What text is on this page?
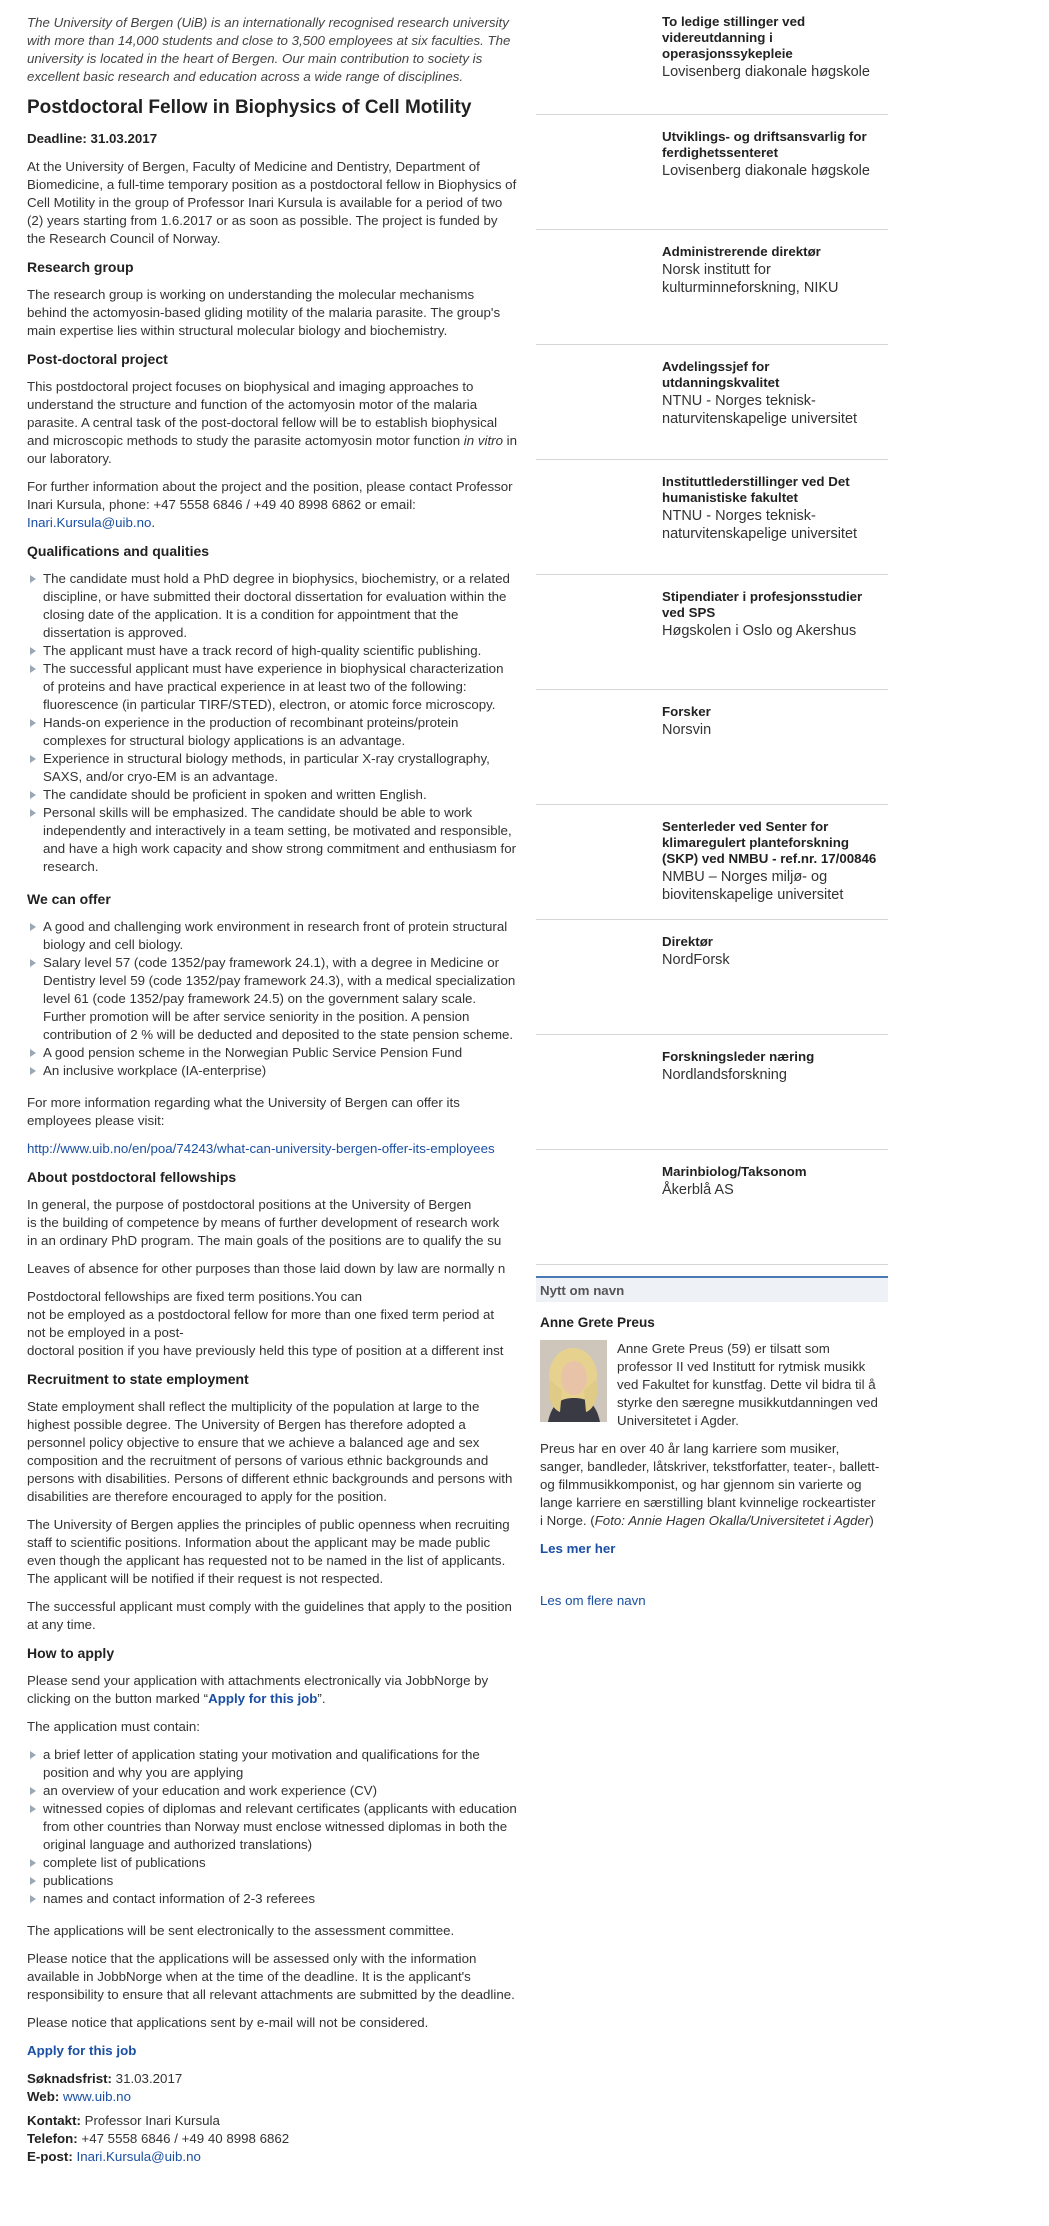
The University of Bergen (UiB) is an internationally recognised research university with more than 14,000 students and close to 3,500 employees at six faculties. The university is located in the heart of Bergen. Our main contribution to society is excellent basic research and education across a wide range of disciplines.

Postdoctoral Fellow in Biophysics of Cell Motility

Deadline: 31.03.2017

At the University of Bergen, Faculty of Medicine and Dentistry, Department of Biomedicine, a full-time temporary position as a postdoctoral fellow in Biophysics of Cell Motility in the group of Professor Inari Kursula is available for a period of two (2) years starting from 1.6.2017 or as soon as possible. The project is funded by the Research Council of Norway.

Research group

The research group is working on understanding the molecular mechanisms behind the actomyosin-based gliding motility of the malaria parasite. The group's main expertise lies within structural molecular biology and biochemistry.

Post-doctoral project

This postdoctoral project focuses on biophysical and imaging approaches to understand the structure and function of the actomyosin motor of the malaria parasite. A central task of the post-doctoral fellow will be to establish biophysical and microscopic methods to study the parasite actomyosin motor function in vitro in our laboratory.

For further information about the project and the position, please contact Professor Inari Kursula, phone: +47 5558 6846 / +49 40 8998 6862 or email: Inari.Kursula@uib.no.

Qualifications and qualities
The candidate must hold a PhD degree in biophysics, biochemistry, or a related discipline, or have submitted their doctoral dissertation for evaluation within the closing date of the application. It is a condition for appointment that the dissertation is approved.
The applicant must have a track record of high-quality scientific publishing.
The successful applicant must have experience in biophysical characterization of proteins and have practical experience in at least two of the following: fluorescence (in particular TIRF/STED), electron, or atomic force microscopy.
Hands-on experience in the production of recombinant proteins/protein complexes for structural biology applications is an advantage.
Experience in structural biology methods, in particular X-ray crystallography, SAXS, and/or cryo-EM is an advantage.
The candidate should be proficient in spoken and written English.
Personal skills will be emphasized. The candidate should be able to work independently and interactively in a team setting, be motivated and responsible, and have a high work capacity and show strong commitment and enthusiasm for research.
We can offer
A good and challenging work environment in research front of protein structural biology and cell biology.
Salary level 57 (code 1352/pay framework 24.1), with a degree in Medicine or Dentistry level 59 (code 1352/pay framework 24.3), with a medical specialization level 61 (code 1352/pay framework 24.5) on the government salary scale. Further promotion will be after service seniority in the position. A pension contribution of 2 % will be deducted and deposited to the state pension scheme.
A good pension scheme in the Norwegian Public Service Pension Fund
An inclusive workplace (IA-enterprise)

For more information regarding what the University of Bergen can offer its employees please visit:

http://www.uib.no/en/poa/74243/what-can-university-bergen-offer-its-employees

About postdoctoral fellowships
In general, the purpose of postdoctoral positions at the University of Bergen
is the building of competence by means of further development of research work
in an ordinary PhD program. The main goals of the positions are to qualify the su
Leaves of absence for other purposes than those laid down by law are normally n
Postdoctoral fellowships are fixed term positions.You can
not be employed as a postdoctoral fellow for more than one fixed term period at
not be employed in a post-
doctoral position if you have previously held this type of position at a different inst
Recruitment to state employment

State employment shall reflect the multiplicity of the population at large to the highest possible degree. The University of Bergen has therefore adopted a personnel policy objective to ensure that we achieve a balanced age and sex composition and the recruitment of persons of various ethnic backgrounds and persons with disabilities. Persons of different ethnic backgrounds and persons with disabilities are therefore encouraged to apply for the position.

The University of Bergen applies the principles of public openness when recruiting staff to scientific positions. Information about the applicant may be made public even though the applicant has requested not to be named in the list of applicants. The applicant will be notified if their request is not respected.

The successful applicant must comply with the guidelines that apply to the position at any time.

How to apply

Please send your application with attachments electronically via JobbNorge by clicking on the button marked “Apply for this job”.

The application must contain:

a brief letter of application stating your motivation and qualifications for the position and why you are applying
an overview of your education and work experience (CV)
witnessed copies of diplomas and relevant certificates (applicants with education from other countries than Norway must enclose witnessed diplomas in both the original language and authorized translations)
complete list of publications
publications
names and contact information of 2-3 referees

The applications will be sent electronically to the assessment committee.

Please notice that the applications will be assessed only with the information available in JobbNorge when at the time of the deadline. It is the applicant's responsibility to ensure that all relevant attachments are submitted by the deadline.

Please notice that applications sent by e-mail will not be considered.

Apply for this job

Søknadsfrist: 31.03.2017
Web: www.uib.no
Kontakt: Professor Inari Kursula
Telefon: +47 5558 6846 / +49 40 8998 6862
E-post: Inari.Kursula@uib.no
To ledige stillinger ved videreutdanning i operasjonssykepleie
Lovisenberg diakonale høgskole
Utviklings- og driftsansvarlig for ferdighetssenteret
Lovisenberg diakonale høgskole
Administrerende direktør
Norsk institutt for kulturminneforskning, NIKU
Avdelingssjef for utdanningskvalitet
NTNU - Norges teknisk-naturvitenskapelige universitet
Instituttlederstillinger ved Det humanistiske fakultet
NTNU - Norges teknisk-naturvitenskapelige universitet
Stipendiater i profesjonsstudier ved SPS
Høgskolen i Oslo og Akershus
Forsker
Norsvin
Senterleder ved Senter for klimaregulert planteforskning (SKP) ved NMBU - ref.nr. 17/00846
NMBU – Norges miljø- og biovitenskapelige universitet
Direktør
NordForsk
Forskningsleder næring
Nordlandsforskning
Marinbiolog/Taksonom
Åkerblå AS
Nytt om navn
Anne Grete Preus

Anne Grete Preus (59) er tilsatt som professor II ved Institutt for rytmisk musikk ved Fakultet for kunstfag. Dette vil bidra til å styrke den særegne musikkutdanningen ved Universitetet i Agder.

Preus har en over 40 år lang karriere som musiker, sanger, bandleder, låtskriver, tekstforfatter, teater-, ballett- og filmmusikkomponist, og har gjennom sin varierte og lange karriere en særstilling blant kvinnelige rockeartister i Norge. (Foto: Annie Hagen Okalla/Universitetet i Agder)

Les mer her
Les om flere navn
